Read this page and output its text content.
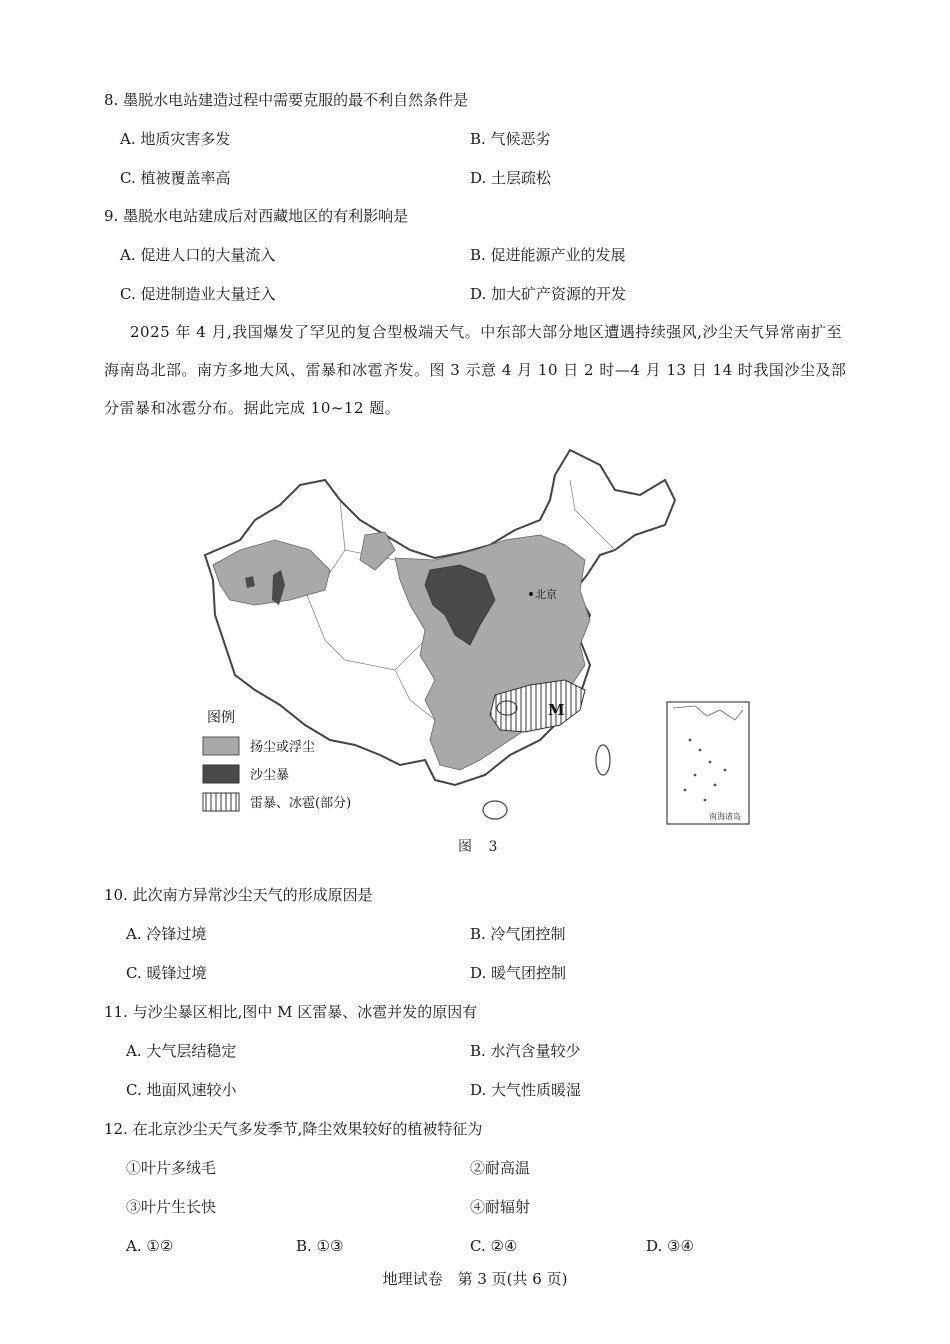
8. 墨脱水电站建造过程中需要克服的最不利自然条件是
A. 地质灾害多发	B. 气候恶劣
C. 植被覆盖率高	D. 土层疏松
9. 墨脱水电站建成后对西藏地区的有利影响是
A. 促进人口的大量流入	B. 促进能源产业的发展
C. 促进制造业大量迁入	D. 加大矿产资源的开发
2025 年 4 月,我国爆发了罕见的复合型极端天气。中东部大部分地区遭遇持续强风,沙尘天气异常南扩至海南岛北部。南方多地大风、雷暴和冰雹齐发。图 3 示意 4 月 10 日 2 时—4 月 13 日 14 时我国沙尘及部分雷暴和冰雹分布。据此完成 10~12 题。
北京
M
图例
扬尘或浮尘
沙尘暴
雷暴、冰雹(部分)
南海诸岛
图 3
10. 此次南方异常沙尘天气的形成原因是
A. 冷锋过境	B. 冷气团控制
C. 暖锋过境	D. 暖气团控制
11. 与沙尘暴区相比,图中 M 区雷暴、冰雹并发的原因有
A. 大气层结稳定	B. 水汽含量较少
C. 地面风速较小	D. 大气性质暖湿
12. 在北京沙尘天气多发季节,降尘效果较好的植被特征为
①叶片多绒毛	②耐高温
③叶片生长快	④耐辐射
A. ①②	B. ①③	C. ②④	D. ③④
地理试卷　第 3 页(共 6 页)
